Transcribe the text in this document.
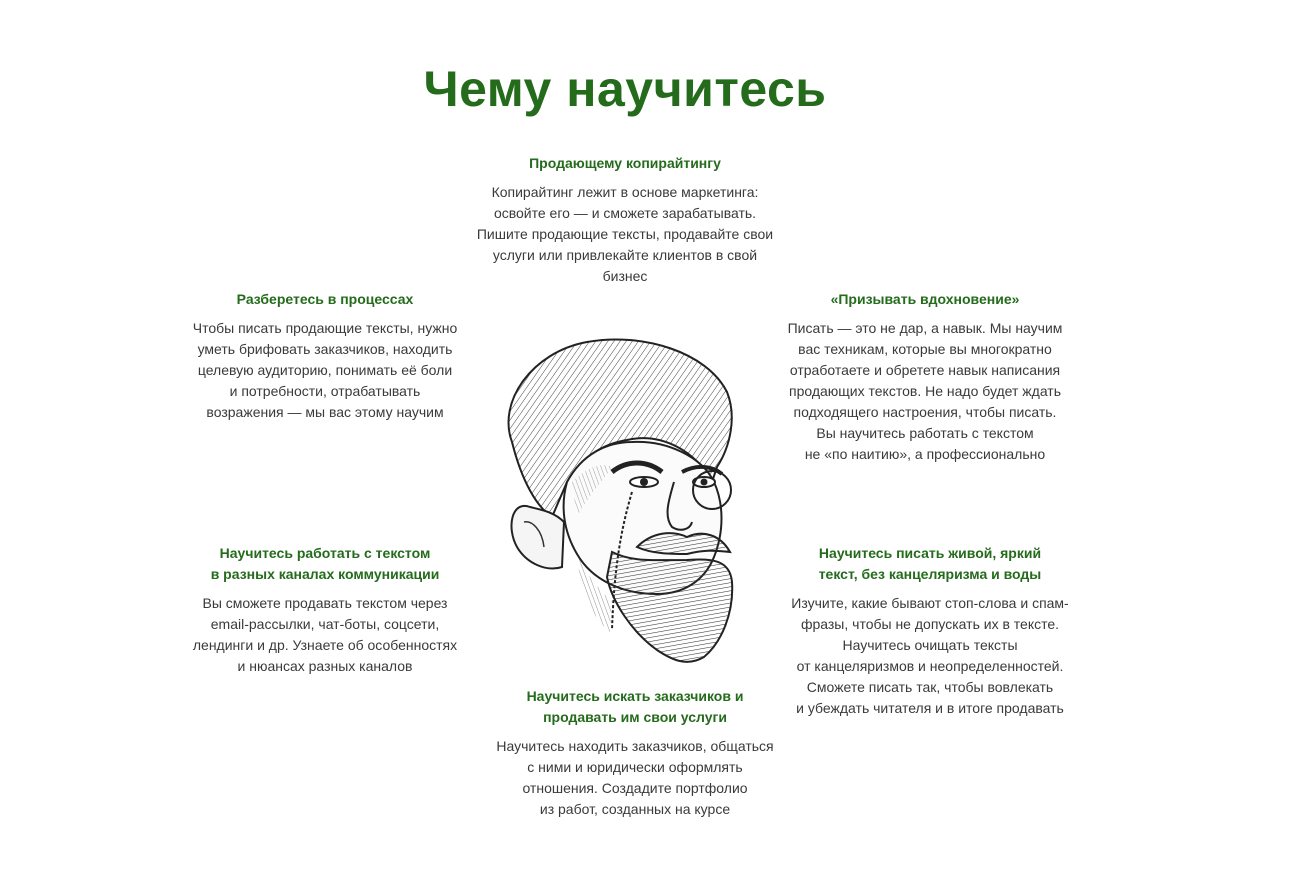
Чему научитесь
Продающему копирайтингу

Копирайтинг лежит в основе маркетинга:
освойте его — и сможете зарабатывать.
Пишите продающие тексты, продавайте свои
услуги или привлекайте клиентов в свой
бизнес

Разберетесь в процессах

Чтобы писать продающие тексты, нужно
уметь брифовать заказчиков, находить
целевую аудиторию, понимать её боли
и потребности, отрабатывать
возражения — мы вас этому научим

«Призывать вдохновение»

Писать — это не дар, а навык. Мы научим
вас техникам, которые вы многократно
отработаете и обретете навык написания
продающих текстов. Не надо будет ждать
подходящего настроения, чтобы писать.
Вы научитесь работать с текстом
не «по наитию», а профессионально

Научитесь работать с текстом
в разных каналах коммуникации

Вы сможете продавать текстом через
email-рассылки, чат-боты, соцсети,
лендинги и др. Узнаете об особенностях
и нюансах разных каналов

Научитесь писать живой, яркий
текст, без канцеляризма и воды

Изучите, какие бывают стоп-слова и спам-
фразы, чтобы не допускать их в тексте.
Научитесь очищать тексты
от канцеляризмов и неопределенностей.
Сможете писать так, чтобы вовлекать
и убеждать читателя и в итоге продавать

Научитесь искать заказчиков и
продавать им свои услуги

Научитесь находить заказчиков, общаться
с ними и юридически оформлять
отношения. Создадите портфолио
из работ, созданных на курсе
